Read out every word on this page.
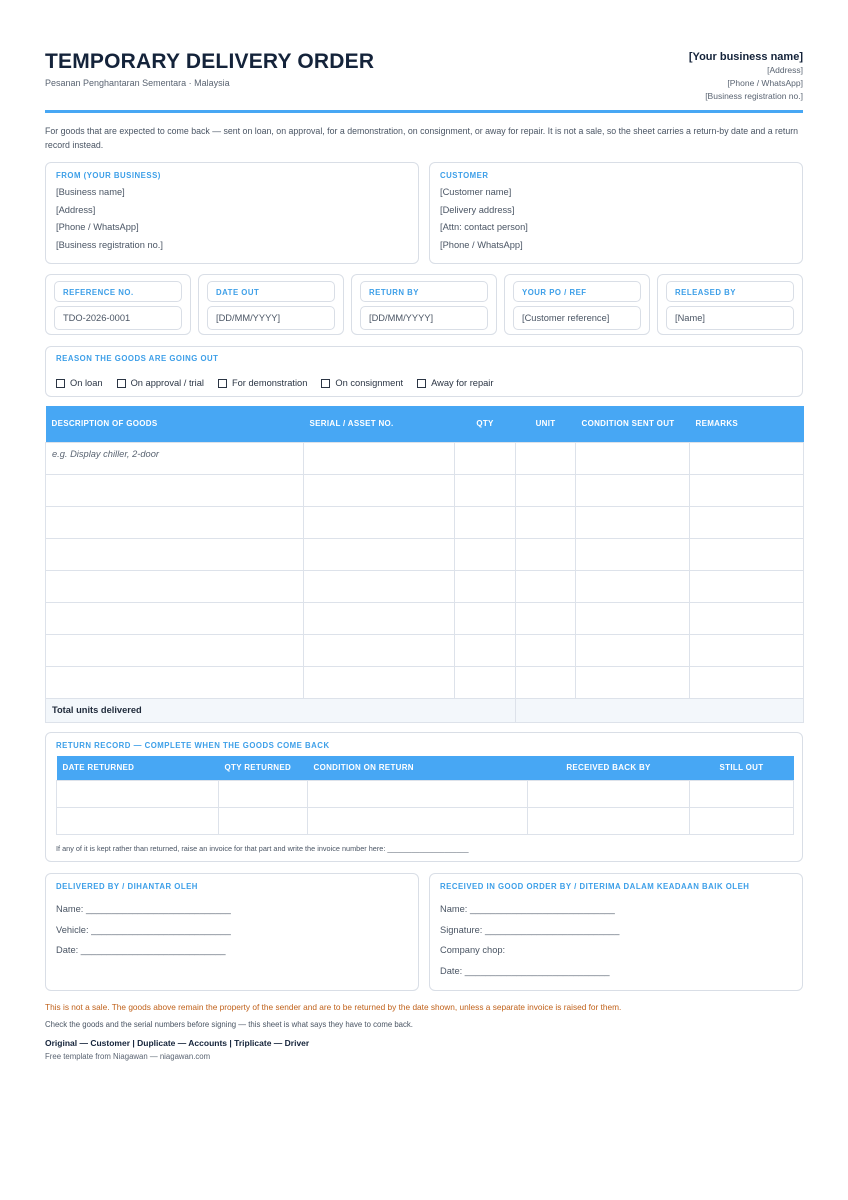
TEMPORARY DELIVERY ORDER
Pesanan Penghantaran Sementara · Malaysia
[Your business name]
[Address]
[Phone / WhatsApp]
[Business registration no.]
For goods that are expected to come back — sent on loan, on approval, for a demonstration, on consignment, or away for repair. It is not a sale, so the sheet carries a return-by date and a return record instead.
FROM (YOUR BUSINESS)
[Business name]
[Address]
[Phone / WhatsApp]
[Business registration no.]
CUSTOMER
[Customer name]
[Delivery address]
[Attn: contact person]
[Phone / WhatsApp]
REFERENCE NO.
TDO-2026-0001
DATE OUT
[DD/MM/YYYY]
RETURN BY
[DD/MM/YYYY]
YOUR PO / REF
[Customer reference]
RELEASED BY
[Name]
REASON THE GOODS ARE GOING OUT
On loan	On approval / trial	For demonstration	On consignment	Away for repair
DESCRIPTION OF GOODS	SERIAL / ASSET NO.	QTY	UNIT	CONDITION SENT OUT	REMARKS
e.g. Display chiller, 2-door					

Total units delivered					
RETURN RECORD — COMPLETE WHEN THE GOODS COME BACK
DATE RETURNED	QTY RETURNED	CONDITION ON RETURN	RECEIVED BACK BY	STILL OUT

If any of it is kept rather than returned, raise an invoice for that part and write the invoice number here: ____________________
DELIVERED BY / DIHANTAR OLEH
Name: ____________________________
Vehicle: ___________________________
Date: ____________________________
RECEIVED IN GOOD ORDER BY / DITERIMA DALAM KEADAAN BAIK OLEH
Name: ____________________________
Signature: __________________________
Company chop:
Date: ____________________________
This is not a sale. The goods above remain the property of the sender and are to be returned by the date shown, unless a separate invoice is raised for them.
Check the goods and the serial numbers before signing — this sheet is what says they have to come back.
Original — Customer | Duplicate — Accounts | Triplicate — Driver
Free template from Niagawan — niagawan.com
